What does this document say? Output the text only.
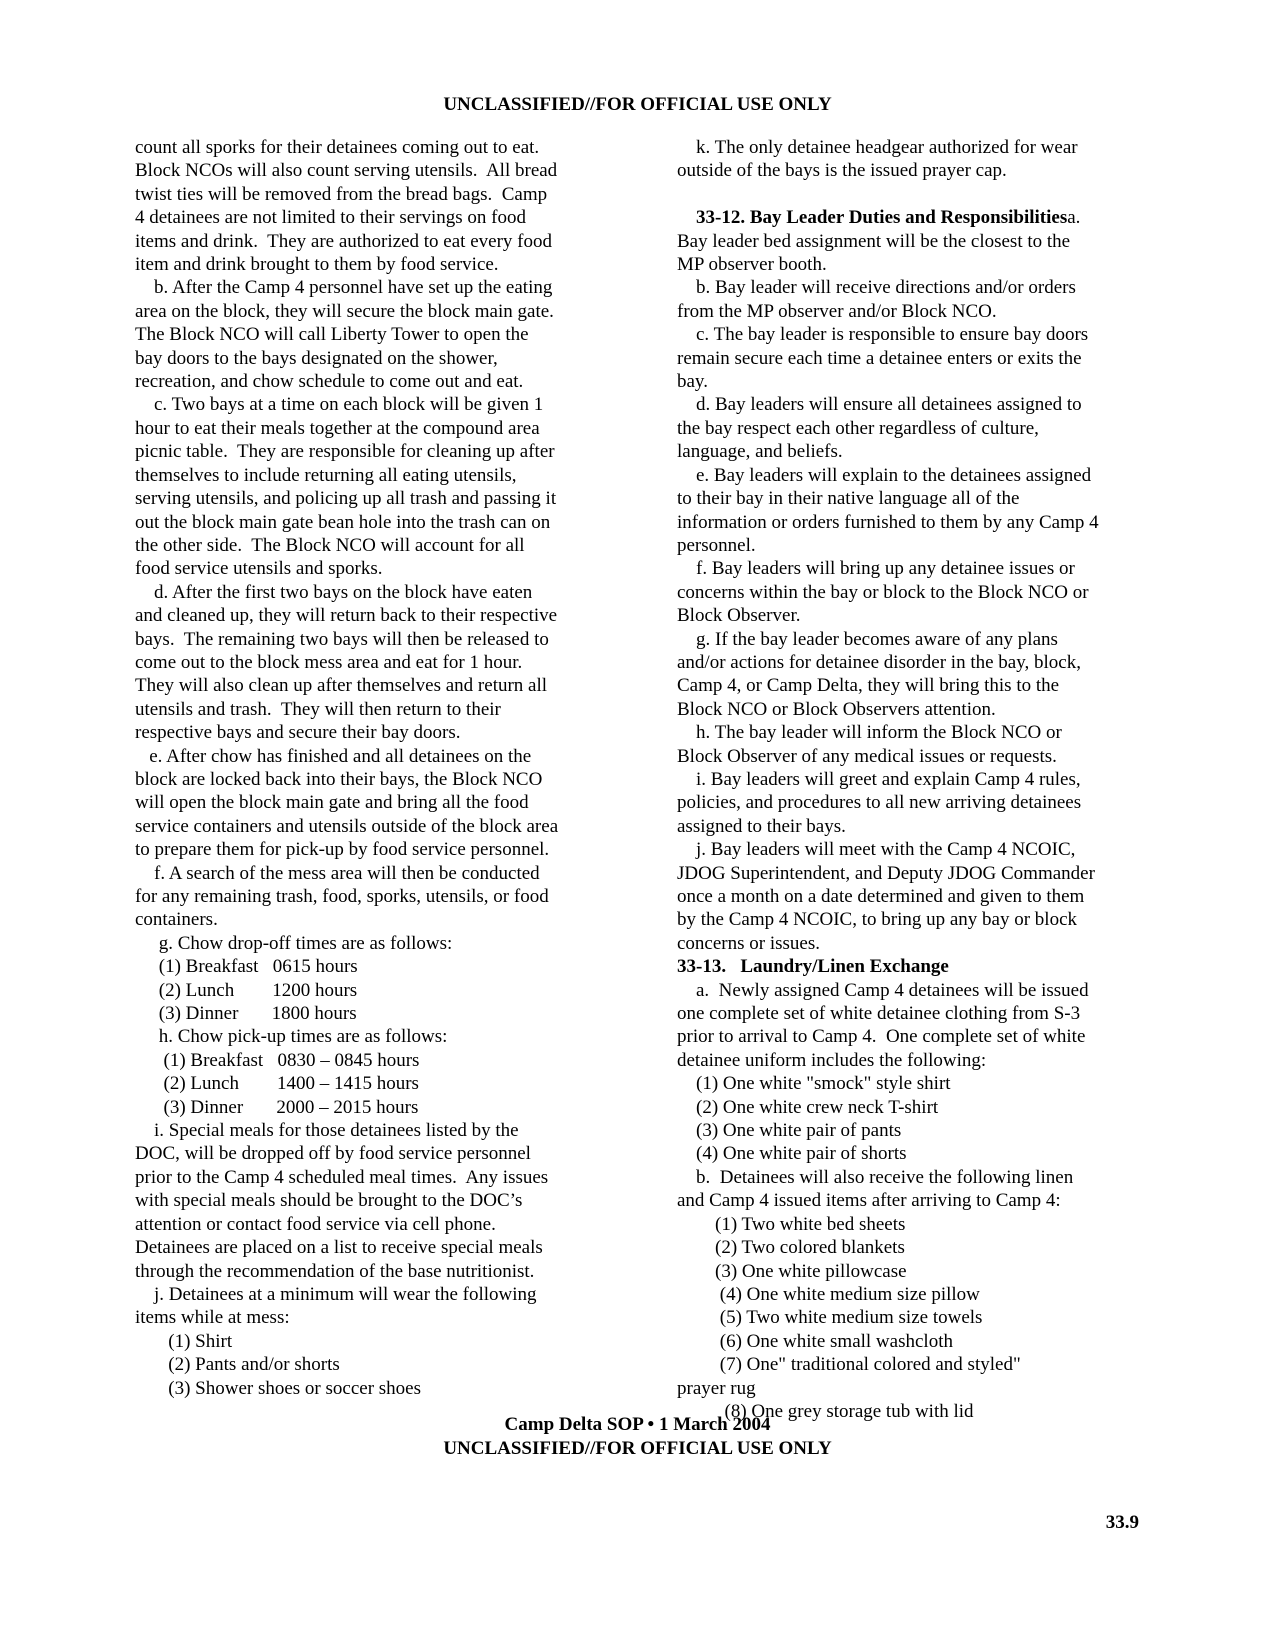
UNCLASSIFIED//FOR OFFICIAL USE ONLY

count all sporks for their detainees coming out to eat.

Block NCOs will also count serving utensils.  All bread

twist ties will be removed from the bread bags.  Camp

4 detainees are not limited to their servings on food

items and drink.  They are authorized to eat every food

item and drink brought to them by food service.

b. After the Camp 4 personnel have set up the eating

area on the block, they will secure the block main gate.

The Block NCO will call Liberty Tower to open the

bay doors to the bays designated on the shower,

recreation, and chow schedule to come out and eat.

c. Two bays at a time on each block will be given 1

hour to eat their meals together at the compound area

picnic table.  They are responsible for cleaning up after

themselves to include returning all eating utensils,

serving utensils, and policing up all trash and passing it

out the block main gate bean hole into the trash can on

the other side.  The Block NCO will account for all

food service utensils and sporks.

d. After the first two bays on the block have eaten

and cleaned up, they will return back to their respective

bays.  The remaining two bays will then be released to

come out to the block mess area and eat for 1 hour.

They will also clean up after themselves and return all

utensils and trash.  They will then return to their

respective bays and secure their bay doors.

e. After chow has finished and all detainees on the

block are locked back into their bays, the Block NCO

will open the block main gate and bring all the food

service containers and utensils outside of the block area

to prepare them for pick-up by food service personnel.

f. A search of the mess area will then be conducted

for any remaining trash, food, sporks, utensils, or food

containers.

g. Chow drop-off times are as follows:

(1) Breakfast   0615 hours

(2) Lunch        1200 hours

(3) Dinner       1800 hours

h. Chow pick-up times are as follows:

(1) Breakfast   0830 – 0845 hours

(2) Lunch        1400 – 1415 hours

(3) Dinner       2000 – 2015 hours

i. Special meals for those detainees listed by the

DOC, will be dropped off by food service personnel

prior to the Camp 4 scheduled meal times.  Any issues

with special meals should be brought to the DOC’s

attention or contact food service via cell phone.

Detainees are placed on a list to receive special meals

through the recommendation of the base nutritionist.

j. Detainees at a minimum will wear the following

items while at mess:

(1) Shirt

(2) Pants and/or shorts

(3) Shower shoes or soccer shoes

k. The only detainee headgear authorized for wear

outside of the bays is the issued prayer cap.

33-12. Bay Leader Duties and Responsibilitiesa.

Bay leader bed assignment will be the closest to the

MP observer booth.

b. Bay leader will receive directions and/or orders

from the MP observer and/or Block NCO.

c. The bay leader is responsible to ensure bay doors

remain secure each time a detainee enters or exits the

bay.

d. Bay leaders will ensure all detainees assigned to

the bay respect each other regardless of culture,

language, and beliefs.

e. Bay leaders will explain to the detainees assigned

to their bay in their native language all of the

information or orders furnished to them by any Camp 4

personnel.

f. Bay leaders will bring up any detainee issues or

concerns within the bay or block to the Block NCO or

Block Observer.

g. If the bay leader becomes aware of any plans

and/or actions for detainee disorder in the bay, block,

Camp 4, or Camp Delta, they will bring this to the

Block NCO or Block Observers attention.

h. The bay leader will inform the Block NCO or

Block Observer of any medical issues or requests.

i. Bay leaders will greet and explain Camp 4 rules,

policies, and procedures to all new arriving detainees

assigned to their bays.

j. Bay leaders will meet with the Camp 4 NCOIC,

JDOG Superintendent, and Deputy JDOG Commander

once a month on a date determined and given to them

by the Camp 4 NCOIC, to bring up any bay or block

concerns or issues.

33-13.   Laundry/Linen Exchange

a.  Newly assigned Camp 4 detainees will be issued

one complete set of white detainee clothing from S-3

prior to arrival to Camp 4.  One complete set of white

detainee uniform includes the following:

(1) One white "smock" style shirt

(2) One white crew neck T-shirt

(3) One white pair of pants

(4) One white pair of shorts

b.  Detainees will also receive the following linen

and Camp 4 issued items after arriving to Camp 4:

(1) Two white bed sheets

(2) Two colored blankets

(3) One white pillowcase

(4) One white medium size pillow

(5) Two white medium size towels

(6) One white small washcloth

(7) One" traditional colored and styled"

prayer rug

(8) One grey storage tub with lid

Camp Delta SOP • 1 March 2004
UNCLASSIFIED//FOR OFFICIAL USE ONLY
33.9
